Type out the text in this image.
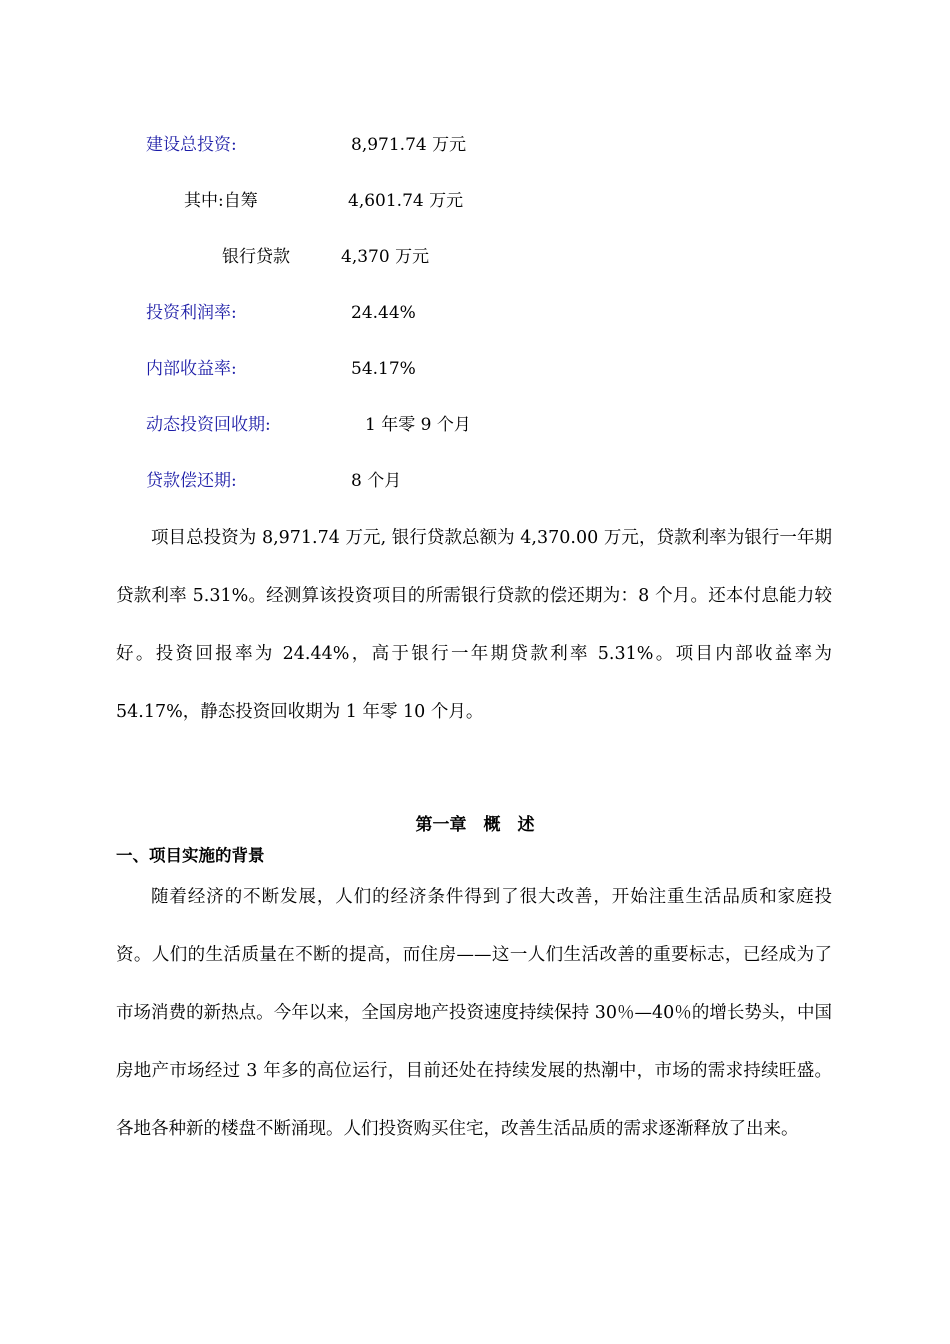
建设总投资:	8,971.74 万元
其中:自筹	4,601.74 万元
银行贷款	4,370 万元
投资利润率:	24.44%
内部收益率:	54.17%
动态投资回收期:	1 年零 9 个月
贷款偿还期:	8 个月

项目总投资为 8,971.74 万元, 银行贷款总额为 4,370.00 万元，贷款利率为银行一年期贷款利率 5.31%。经测算该投资项目的所需银行贷款的偿还期为：8 个月。还本付息能力较好。投资回报率为 24.44%，高于银行一年期贷款利率 5.31%。项目内部收益率为 54.17%，静态投资回收期为 1 年零 10 个月。

第一章　概　述
一、项目实施的背景

随着经济的不断发展，人们的经济条件得到了很大改善，开始注重生活品质和家庭投资。人们的生活质量在不断的提高，而住房——这一人们生活改善的重要标志，已经成为了市场消费的新热点。今年以来，全国房地产投资速度持续保持 30％—40％的增长势头，中国房地产市场经过 3 年多的高位运行，目前还处在持续发展的热潮中，市场的需求持续旺盛。各地各种新的楼盘不断涌现。人们投资购买住宅，改善生活品质的需求逐渐释放了出来。
